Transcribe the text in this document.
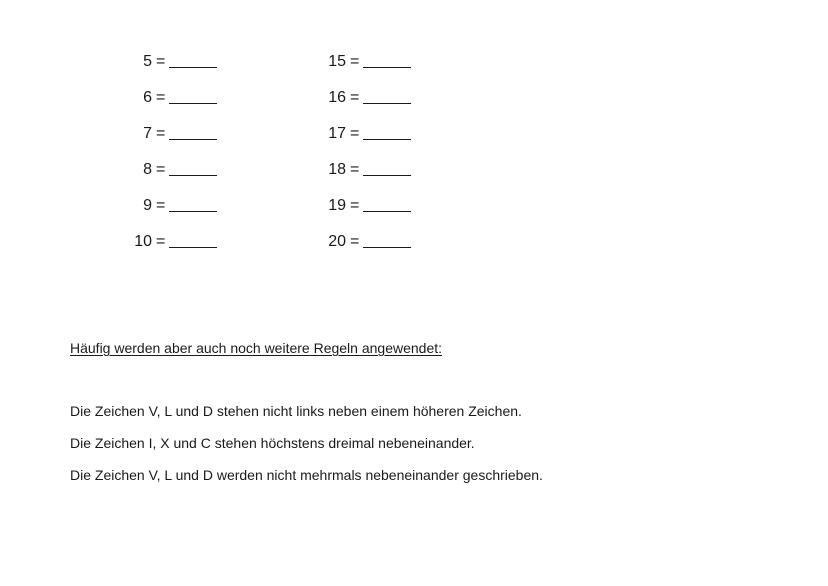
5 =
6 =
7 =
8 =
9 =
10 =
15 =
16 =
17 =
18 =
19 =
20 =
Häufig werden aber auch noch weitere Regeln angewendet:
Die Zeichen V, L und D stehen nicht links neben einem höheren Zeichen.
Die Zeichen I, X und C stehen höchstens dreimal nebeneinander.
Die Zeichen V, L und D werden nicht mehrmals nebeneinander geschrieben.
